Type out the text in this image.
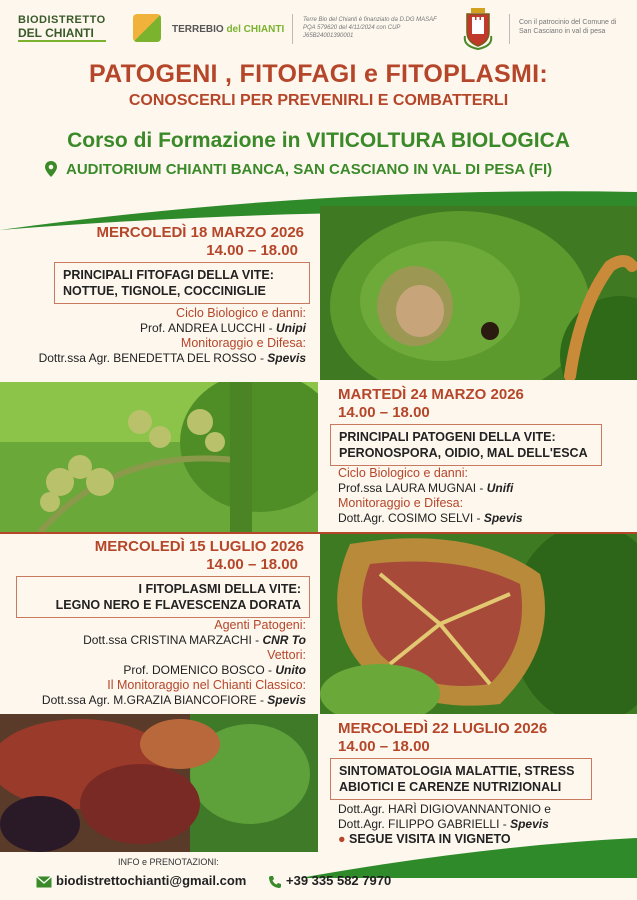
BIODISTRETTO
DEL CHIANTI	TERREBIO del CHIANTI
Terre Bio del Chianti è finanziato da D.DG MASAF PQA 579620 del 4/11/2024 con CUP J65B24001390001
Con il patrocinio del Comune di San Casciano in val di pesa
PATOGENI , FITOFAGI e FITOPLASMI:
CONOSCERLI PER PREVENIRLI E COMBATTERLI
Corso di Formazione in VITICOLTURA BIOLOGICA
AUDITORIUM CHIANTI BANCA, SAN CASCIANO IN VAL DI PESA (FI)
MERCOLEDÌ 18 MARZO 2026
14.00 – 18.00
PRINCIPALI FITOFAGI DELLA VITE:
NOTTUE, TIGNOLE, COCCINIGLIE
Ciclo Biologico e danni:
Prof. ANDREA LUCCHI - Unipi
Monitoraggio e Difesa:
Dottr.ssa Agr. BENEDETTA DEL ROSSO - Spevis
MARTEDÌ 24 MARZO 2026
14.00 – 18.00
PRINCIPALI PATOGENI DELLA VITE:
PERONOSPORA, OIDIO, MAL DELL'ESCA
Ciclo Biologico e danni:
Prof.ssa LAURA MUGNAI - Unifi
Monitoraggio e Difesa:
Dott.Agr. COSIMO SELVI - Spevis
MERCOLEDÌ 15 LUGLIO 2026
14.00 – 18.00
I FITOPLASMI DELLA VITE:
LEGNO NERO E FLAVESCENZA DORATA
Agenti Patogeni:
Dott.ssa CRISTINA MARZACHI - CNR To
Vettori:
Prof. DOMENICO BOSCO - Unito
Il Monitoraggio nel Chianti Classico:
Dott.ssa Agr. M.GRAZIA BIANCOFIORE - Spevis
MERCOLEDÌ 22 LUGLIO 2026
14.00 – 18.00
SINTOMATOLOGIA MALATTIE, STRESS
ABIOTICI E CARENZE NUTRIZIONALI
Dott.Agr. HARÌ DIGIOVANNANTONIO e
Dott.Agr. FILIPPO GABRIELLI - Spevis
● SEGUE VISITA IN VIGNETO
INFO e PRENOTAZIONI:
biodistrettochianti@gmail.com	+39 335 582 7970
